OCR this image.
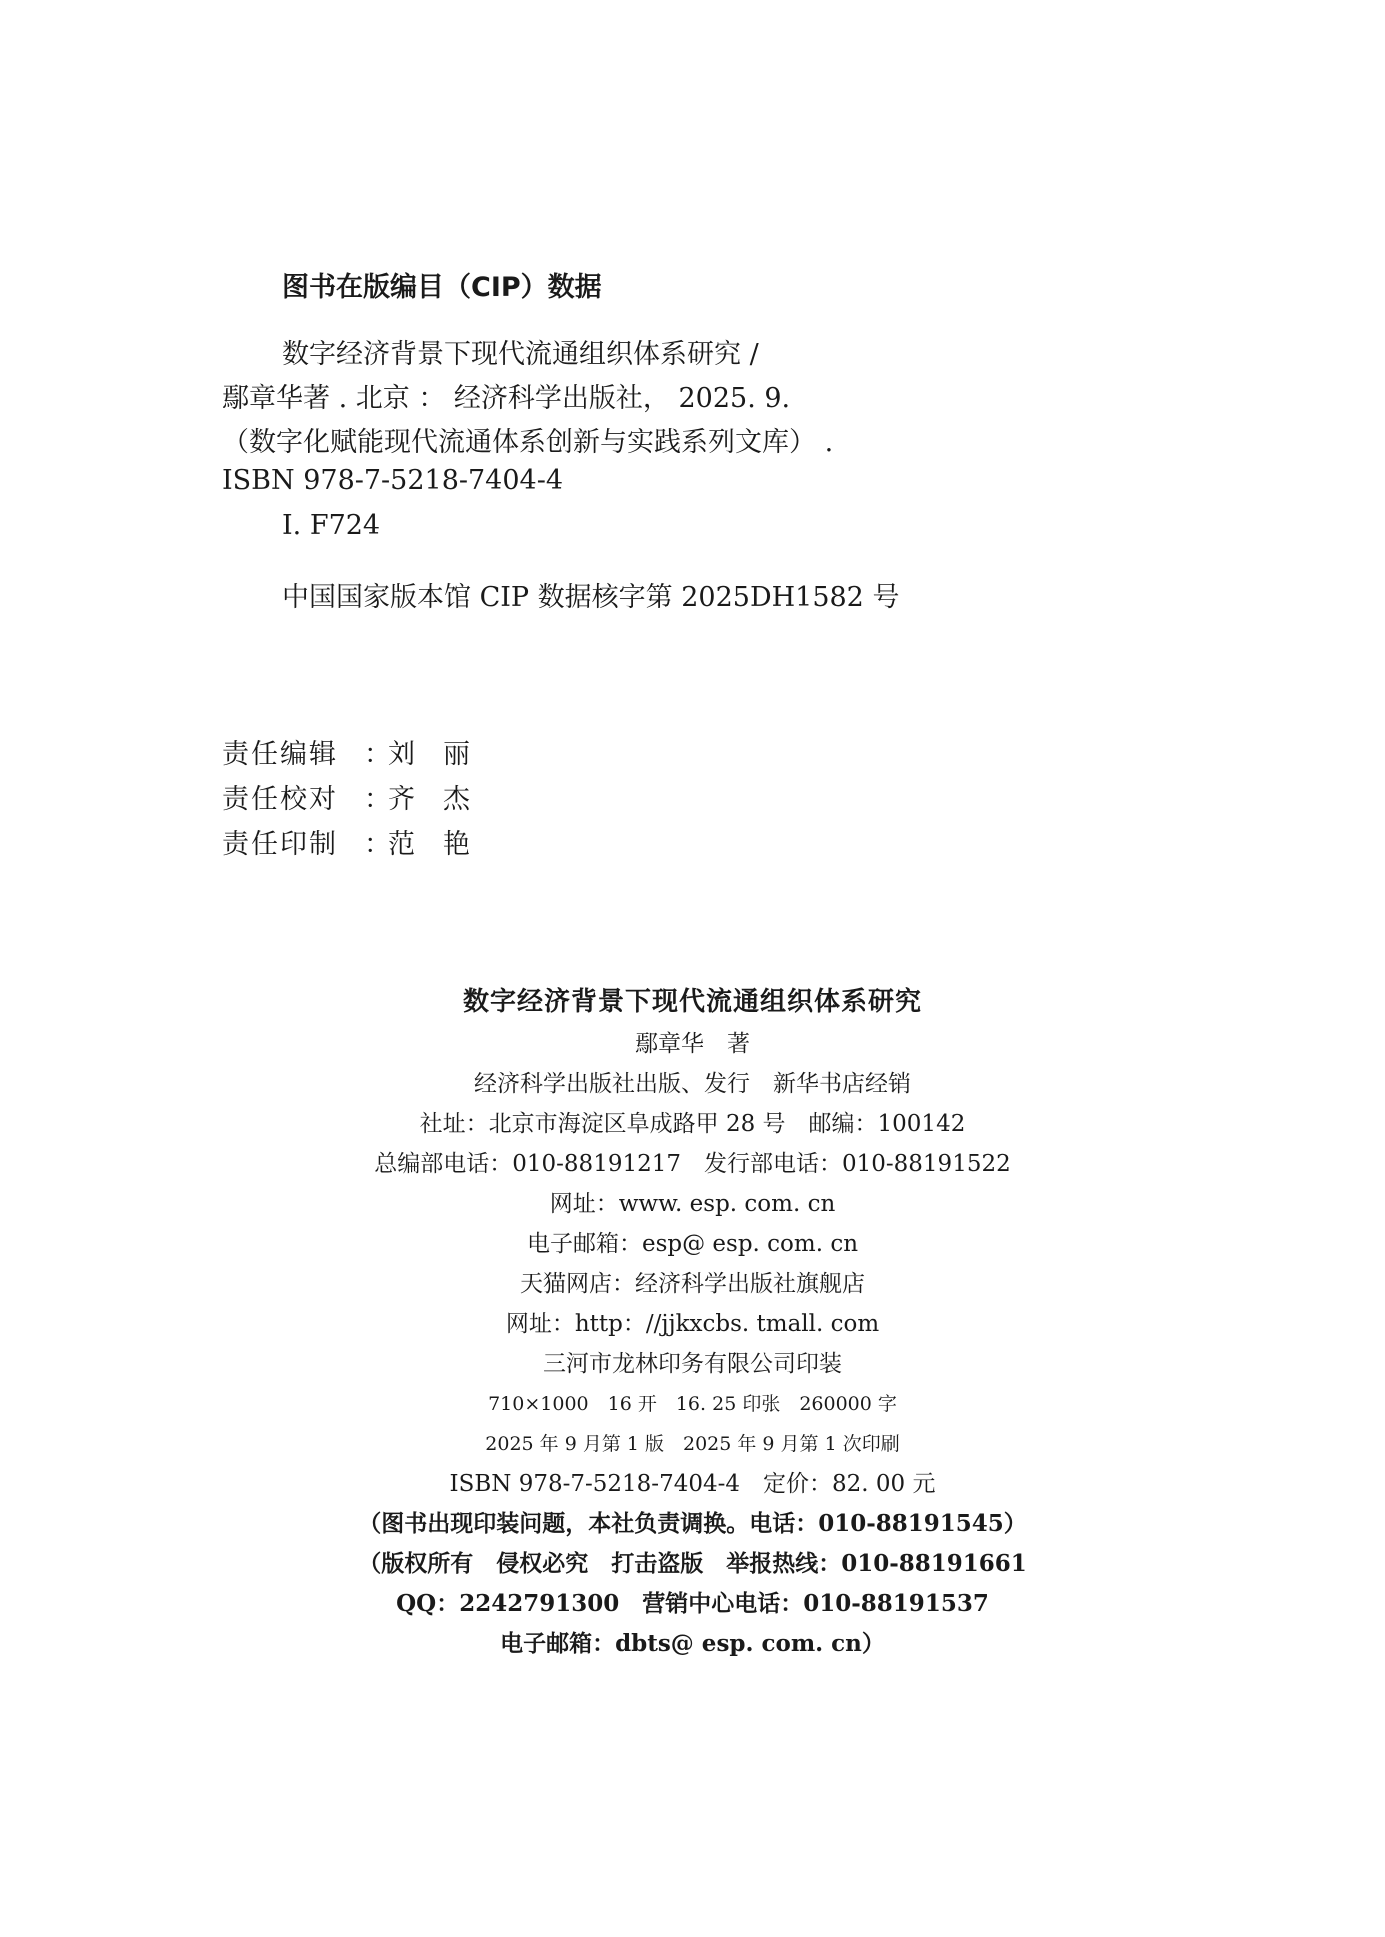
图书在版编目（CIP）数据
数字经济背景下现代流通组织体系研究 /
鄢章华著 . 北京 ： 经济科学出版社， 2025. 9.
（数字化赋能现代流通体系创新与实践系列文库） .
ISBN 978-7-5218-7404-4
Ⅰ. F724
中国国家版本馆 CIP 数据核字第 2025DH1582 号
责任编辑 ：刘丽
责任校对 ：齐杰
责任印制 ：范艳
数字经济背景下现代流通组织体系研究
鄢章华　著
经济科学出版社出版、发行　新华书店经销
社址：北京市海淀区阜成路甲 28 号　邮编：100142
总编部电话：010-88191217　发行部电话：010-88191522
网址：www. esp. com. cn
电子邮箱：esp@ esp. com. cn
天猫网店：经济科学出版社旗舰店
网址：http：//jjkxcbs. tmall. com
三河市龙林印务有限公司印装
710×1000　16 开　16. 25 印张　260000 字
2025 年 9 月第 1 版　2025 年 9 月第 1 次印刷
ISBN 978-7-5218-7404-4　定价：82. 00 元
（图书出现印装问题，本社负责调换。电话：010-88191545）
（版权所有　侵权必究　打击盗版　举报热线：010-88191661
QQ：2242791300　营销中心电话：010-88191537
电子邮箱：dbts@ esp. com. cn）
